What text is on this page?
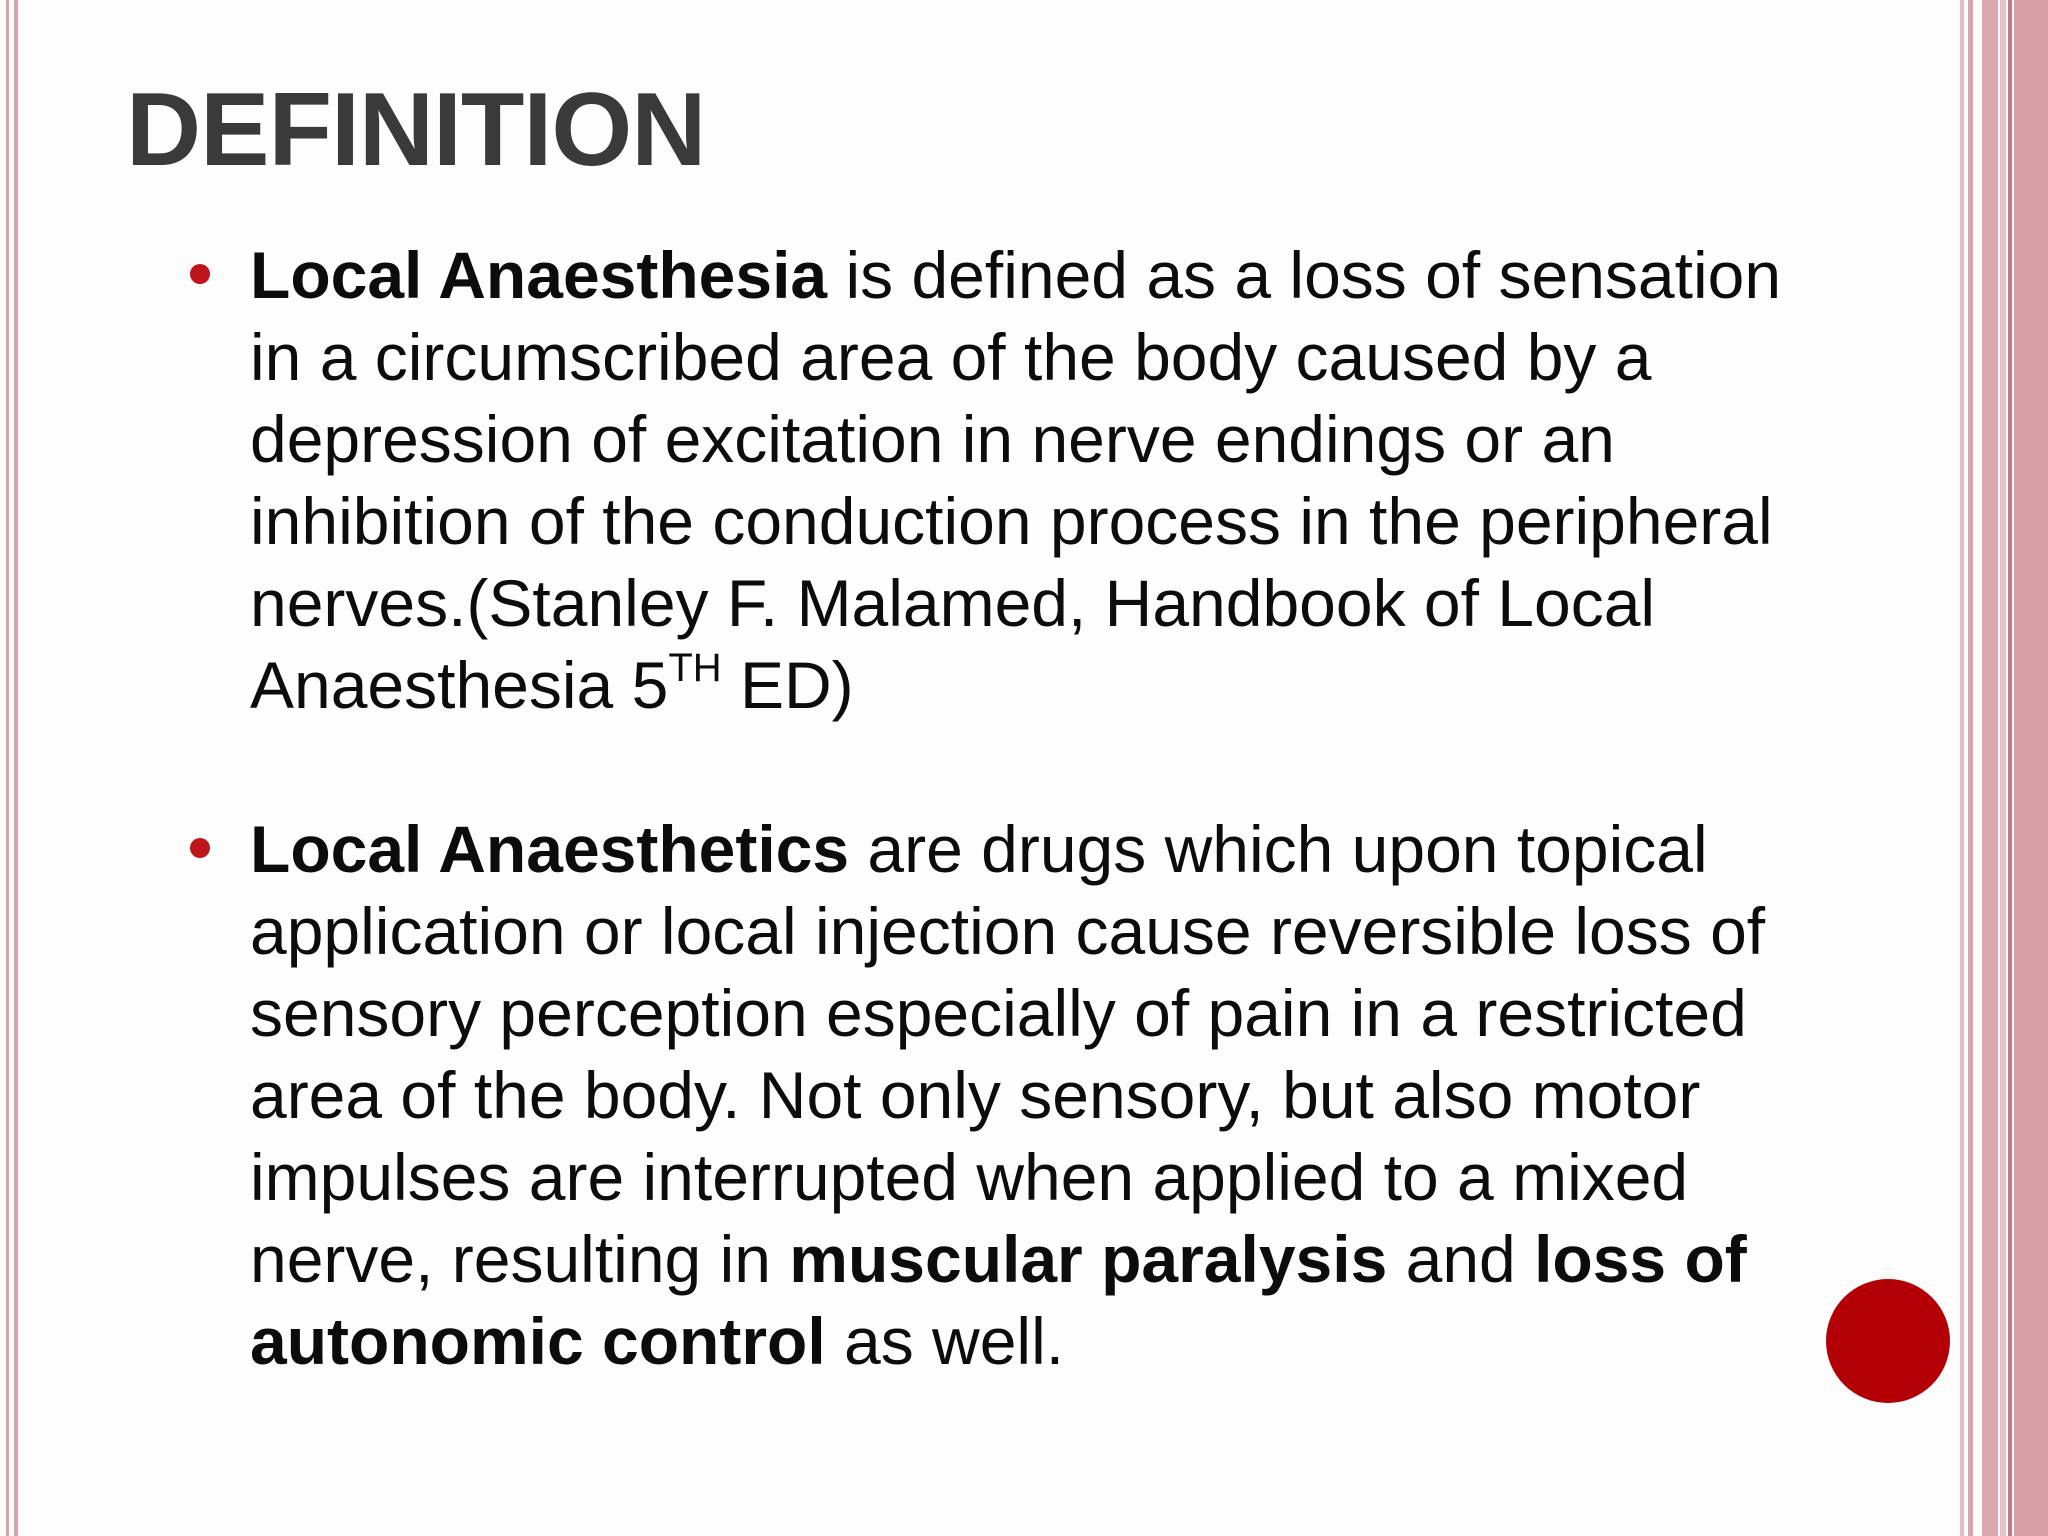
DEFINITION
Local Anaesthesia is defined as a loss of sensation in a circumscribed area of the body caused by a depression of excitation in nerve endings or an inhibition of the conduction process in the peripheral nerves.(Stanley F. Malamed, Handbook of Local Anaesthesia 5TH ED)
Local Anaesthetics are drugs which upon topical application or local injection cause reversible loss of sensory perception especially of pain in a restricted area of the body. Not only sensory, but also motor impulses are interrupted when applied to a mixed nerve, resulting in muscular paralysis and loss of autonomic control as well.
